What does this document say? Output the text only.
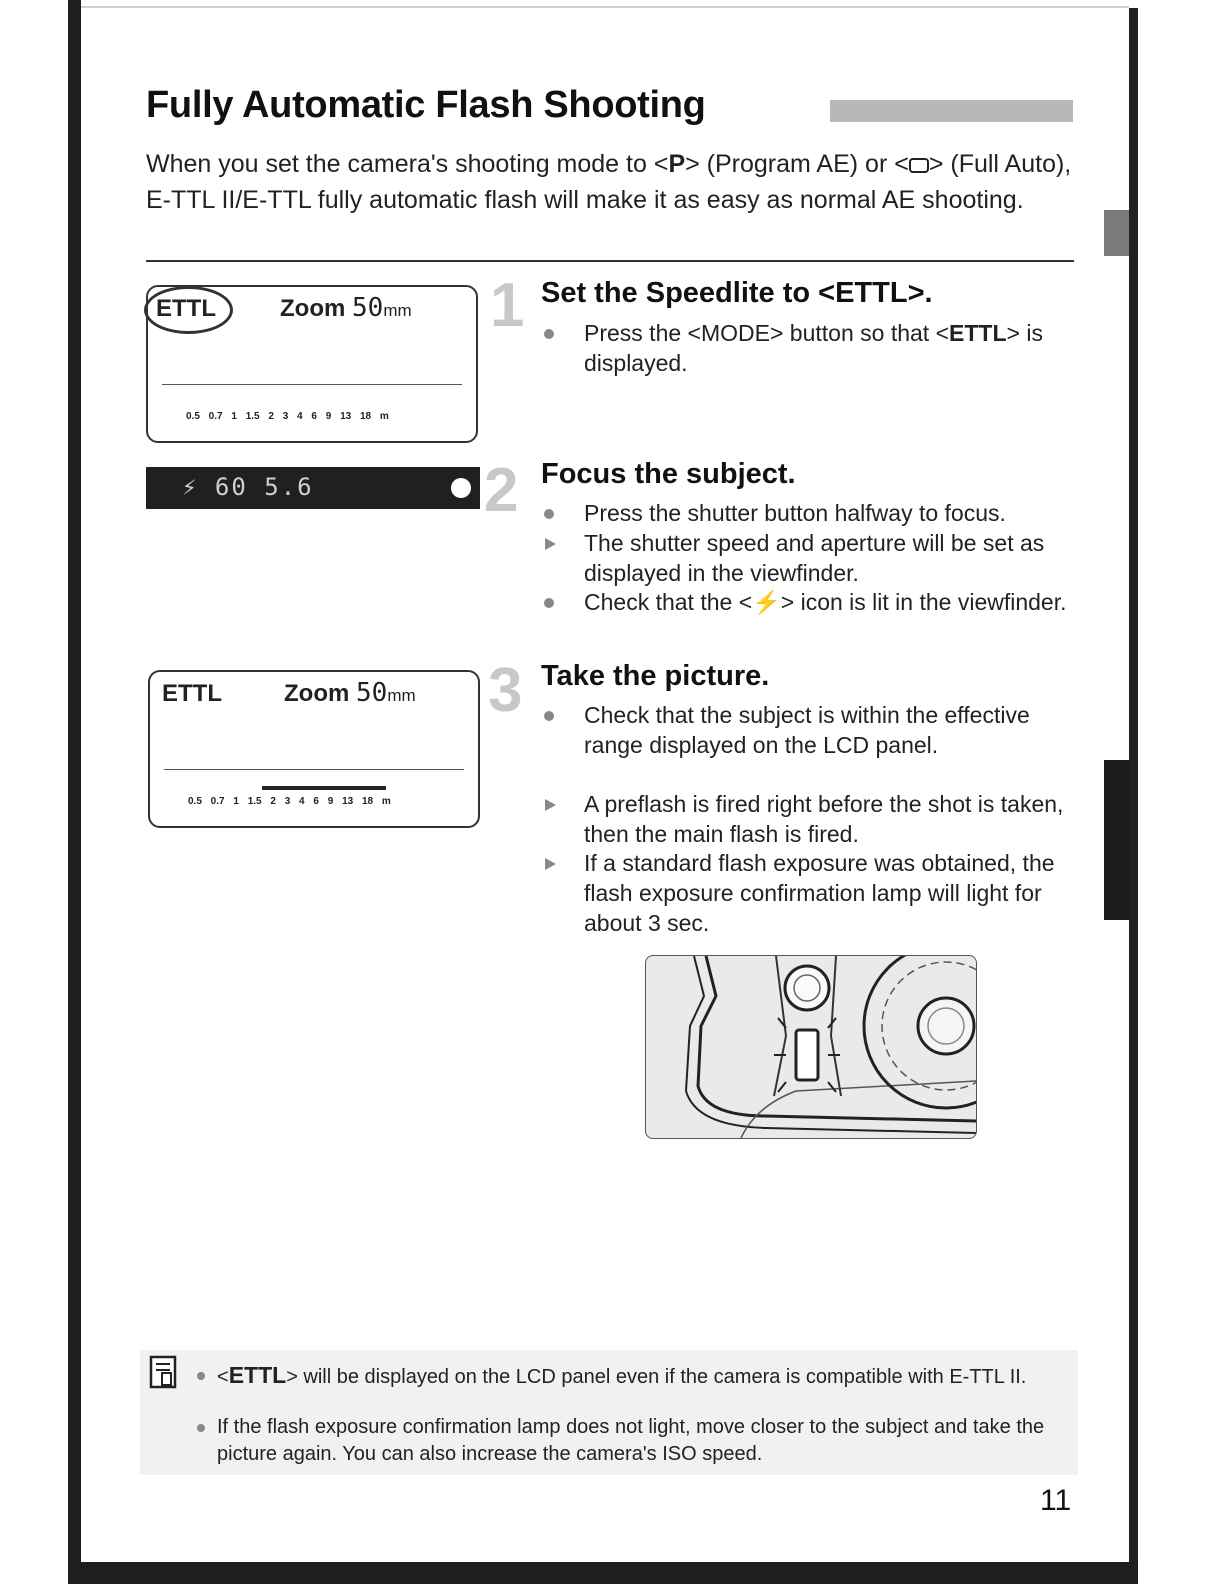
Fully Automatic Flash Shooting
When you set the camera's shooting mode to <P> (Program AE) or < > (Full Auto), E-TTL II/E-TTL fully automatic flash will make it as easy as normal AE shooting.
ETTL	Zoom 50mm
0.5 0.7 1 1.5 2 3 4 6 9 13 18 m
⚡ 60 5.6
ETTL	Zoom 50mm
0.5 0.7 1 1.5 2 3 4 6 9 13 18 m
1 Set the Speedlite to <ETTL>.
Press the <MODE> button so that <ETTL> is displayed.
2 Focus the subject.
Press the shutter button halfway to focus.
The shutter speed and aperture will be set as displayed in the viewfinder.
Check that the <⚡> icon is lit in the viewfinder.
3 Take the picture.
Check that the subject is within the effective range displayed on the LCD panel.
A preflash is fired right before the shot is taken, then the main flash is fired.
If a standard flash exposure was obtained, the flash exposure confirmation lamp will light for about 3 sec.
<ETTL> will be displayed on the LCD panel even if the camera is compatible with E-TTL II.
If the flash exposure confirmation lamp does not light, move closer to the subject and take the picture again. You can also increase the camera's ISO speed.
11
